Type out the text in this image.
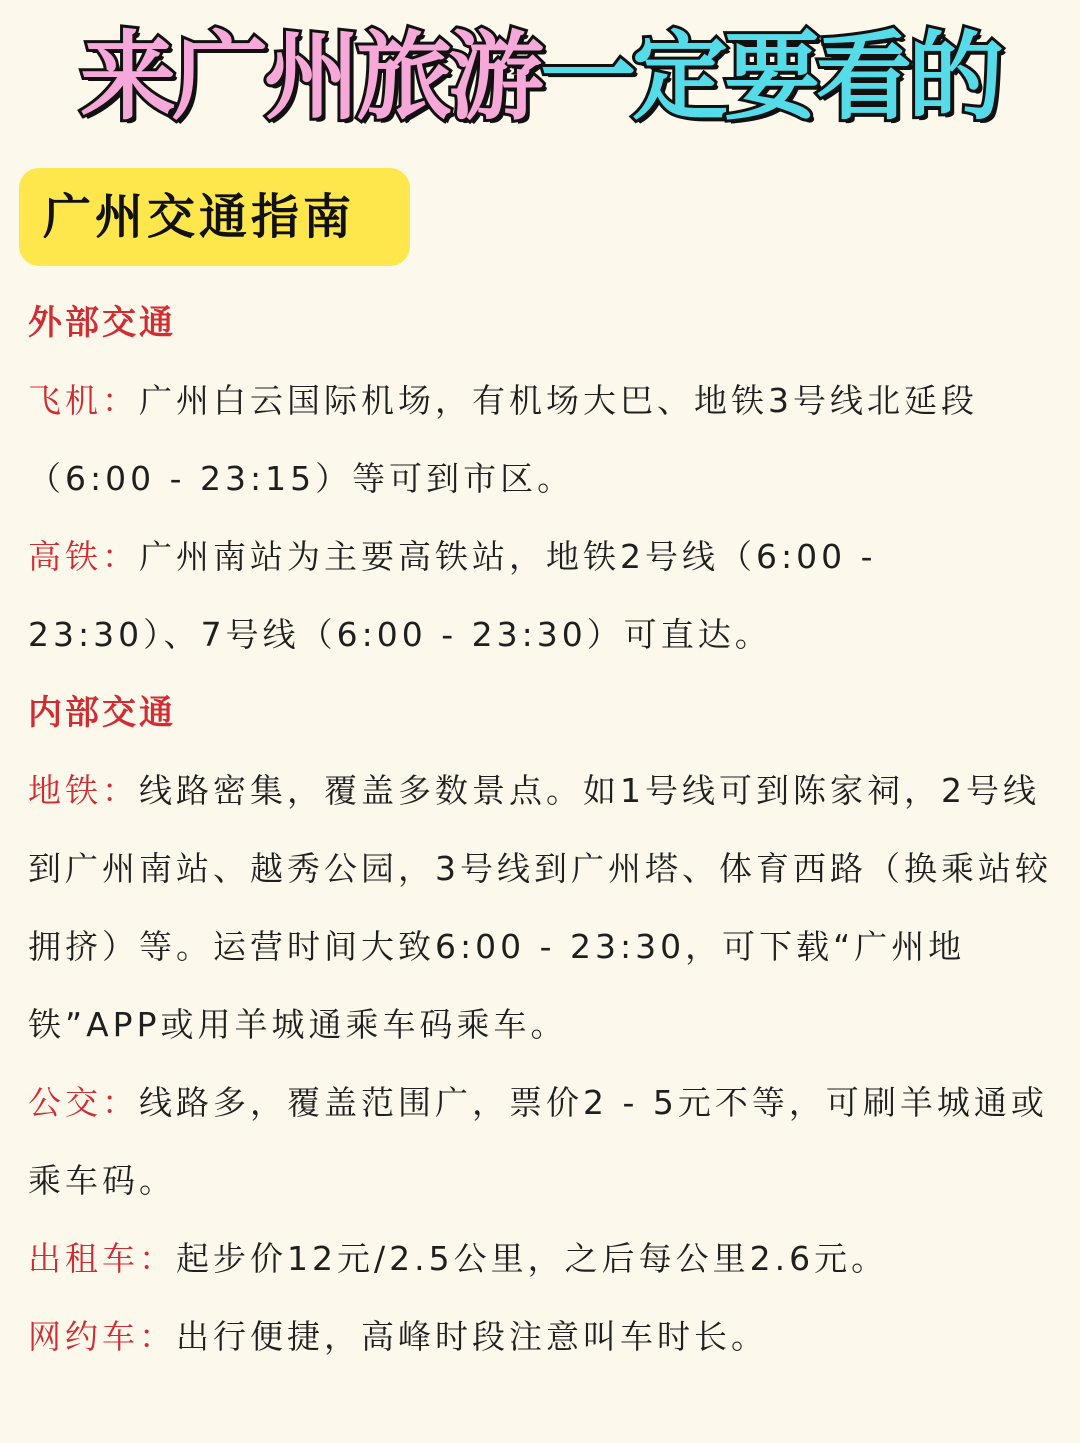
来广州旅游一定要看的
广州交通指南
外部交通
飞机：广州白云国际机场，有机场大巴、地铁3号线北延段（6:00 - 23:15）等可到市区。
高铁：广州南站为主要高铁站，地铁2号线（6:00 - 23:30）、7号线（6:00 - 23:30）可直达。
内部交通
地铁：线路密集，覆盖多数景点。如1号线可到陈家祠，2号线到广州南站、越秀公园，3号线到广州塔、体育西路（换乘站较拥挤）等。运营时间大致6:00 - 23:30，可下载“广州地铁”APP或用羊城通乘车码乘车。
公交：线路多，覆盖范围广，票价2 - 5元不等，可刷羊城通或乘车码。
出租车：起步价12元/2.5公里，之后每公里2.6元。
网约车：出行便捷，高峰时段注意叫车时长。
